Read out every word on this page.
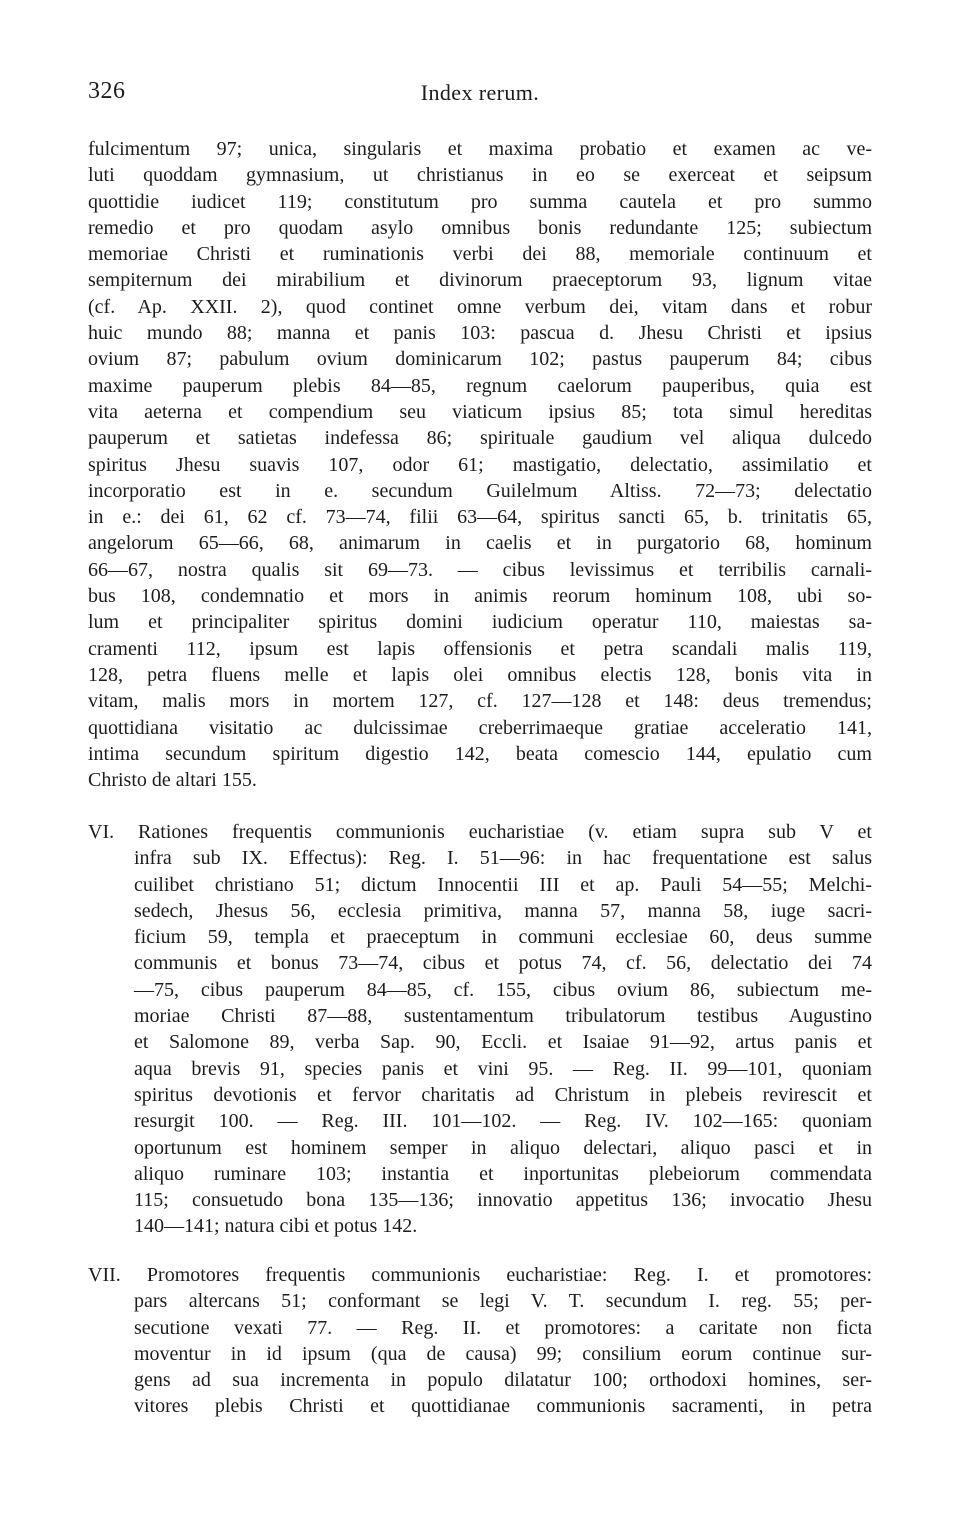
326	Index rerum.
fulcimentum 97; unica, singularis et maxima probatio et examen ac ve-
luti quoddam gymnasium, ut christianus in eo se exerceat et seipsum
quottidie iudicet 119; constitutum pro summa cautela et pro summo
remedio et pro quodam asylo omnibus bonis redundante 125; subiectum
memoriae Christi et ruminationis verbi dei 88, memoriale continuum et
sempiternum dei mirabilium et divinorum praeceptorum 93, lignum vitae
(cf. Ap. XXII. 2), quod continet omne verbum dei, vitam dans et robur
huic mundo 88; manna et panis 103: pascua d. Jhesu Christi et ipsius
ovium 87; pabulum ovium dominicarum 102; pastus pauperum 84; cibus
maxime pauperum plebis 84—85, regnum caelorum pauperibus, quia est
vita aeterna et compendium seu viaticum ipsius 85; tota simul hereditas
pauperum et satietas indefessa 86; spirituale gaudium vel aliqua dulcedo
spiritus Jhesu suavis 107, odor 61; mastigatio, delectatio, assimilatio et
incorporatio est in e. secundum Guilelmum Altiss. 72—73; delectatio
in e.: dei 61, 62 cf. 73—74, filii 63—64, spiritus sancti 65, b. trinitatis 65,
angelorum 65—66, 68, animarum in caelis et in purgatorio 68, hominum
66—67, nostra qualis sit 69—73. — cibus levissimus et terribilis carnali-
bus 108, condemnatio et mors in animis reorum hominum 108, ubi so-
lum et principaliter spiritus domini iudicium operatur 110, maiestas sa-
cramenti 112, ipsum est lapis offensionis et petra scandali malis 119,
128, petra fluens melle et lapis olei omnibus electis 128, bonis vita in
vitam, malis mors in mortem 127, cf. 127—128 et 148: deus tremendus;
quottidiana visitatio ac dulcissimae creberrimaeque gratiae acceleratio 141,
intima secundum spiritum digestio 142, beata comescio 144, epulatio cum
Christo de altari 155.
VI. Rationes frequentis communionis eucharistiae (v. etiam supra sub V et
infra sub IX. Effectus): Reg. I. 51—96: in hac frequentatione est salus
cuilibet christiano 51; dictum Innocentii III et ap. Pauli 54—55; Melchi-
sedech, Jhesus 56, ecclesia primitiva, manna 57, manna 58, iuge sacri-
ficium 59, templa et praeceptum in communi ecclesiae 60, deus summe
communis et bonus 73—74, cibus et potus 74, cf. 56, delectatio dei 74
—75, cibus pauperum 84—85, cf. 155, cibus ovium 86, subiectum me-
moriae Christi 87—88, sustentamentum tribulatorum testibus Augustino
et Salomone 89, verba Sap. 90, Eccli. et Isaiae 91—92, artus panis et
aqua brevis 91, species panis et vini 95. — Reg. II. 99—101, quoniam
spiritus devotionis et fervor charitatis ad Christum in plebeis revirescit et
resurgit 100. — Reg. III. 101—102. — Reg. IV. 102—165: quoniam
oportunum est hominem semper in aliquo delectari, aliquo pasci et in
aliquo ruminare 103; instantia et inportunitas plebeiorum commendata
115; consuetudo bona 135—136; innovatio appetitus 136; invocatio Jhesu
140—141; natura cibi et potus 142.
VII. Promotores frequentis communionis eucharistiae: Reg. I. et promotores:
pars altercans 51; conformant se legi V. T. secundum I. reg. 55; per-
secutione vexati 77. — Reg. II. et promotores: a caritate non ficta
moventur in id ipsum (qua de causa) 99; consilium eorum continue sur-
gens ad sua incrementa in populo dilatatur 100; orthodoxi homines, ser-
vitores plebis Christi et quottidianae communionis sacramenti, in petra
